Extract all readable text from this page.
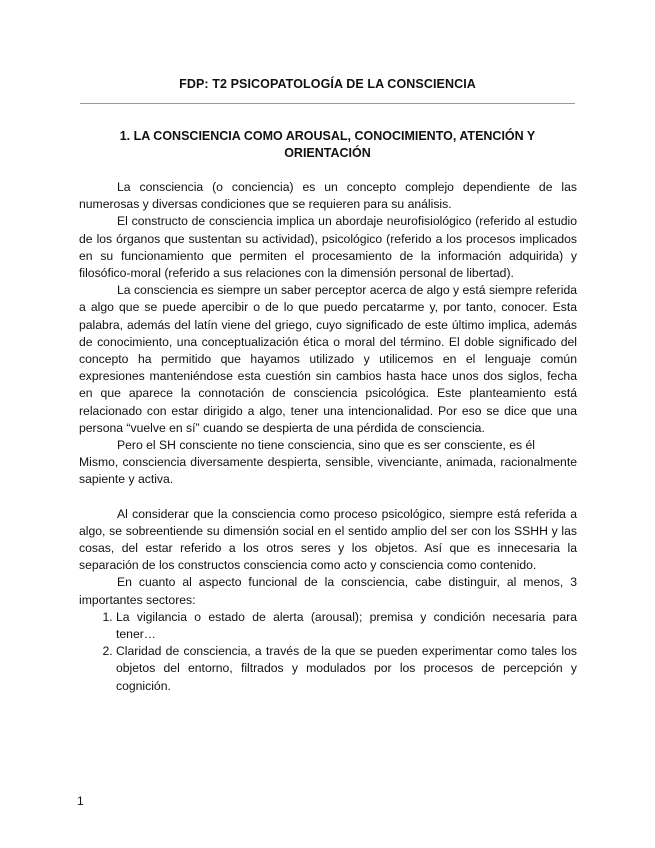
FDP: T2 PSICOPATOLOGÍA DE LA CONSCIENCIA
1. LA CONSCIENCIA COMO AROUSAL, CONOCIMIENTO, ATENCIÓN Y ORIENTACIÓN

La consciencia (o conciencia) es un concepto complejo dependiente de las numerosas y diversas condiciones que se requieren para su análisis.

El constructo de consciencia implica un abordaje neurofisiológico (referido al estudio de los órganos que sustentan su actividad), psicológico (referido a los procesos implicados en su funcionamiento que permiten el procesamiento de la información adquirida) y filosófico-moral (referido a sus relaciones con la dimensión personal de libertad).

La consciencia es siempre un saber perceptor acerca de algo y está siempre referida a algo que se puede apercibir o de lo que puedo percatarme y, por tanto, conocer. Esta palabra, además del latín viene del griego, cuyo significado de este último implica, además de conocimiento, una conceptualización ética o moral del término. El doble significado del concepto ha permitido que hayamos utilizado y utilicemos en el lenguaje común expresiones manteniéndose esta cuestión sin cambios hasta hace unos dos siglos, fecha en que aparece la connotación de consciencia psicológica. Este planteamiento está relacionado con estar dirigido a algo, tener una intencionalidad. Por eso se dice que una persona “vuelve en sí” cuando se despierta de una pérdida de consciencia.

Pero el SH consciente no tiene consciencia, sino que es ser consciente, es él

Mismo, consciencia diversamente despierta, sensible, vivenciante, animada, racionalmente sapiente y activa.

Al considerar que la consciencia como proceso psicológico, siempre está referida a algo, se sobreentiende su dimensión social en el sentido amplio del ser con los SSHH y las cosas, del estar referido a los otros seres y los objetos. Así que es innecesaria la separación de los constructos consciencia como acto y consciencia como contenido.

En cuanto al aspecto funcional de la consciencia, cabe distinguir, al menos, 3 importantes sectores:

1. La vigilancia o estado de alerta (arousal); premisa y condición necesaria para tener…
2. Claridad de consciencia, a través de la que se pueden experimentar como tales los objetos del entorno, filtrados y modulados por los procesos de percepción y cognición.
1
